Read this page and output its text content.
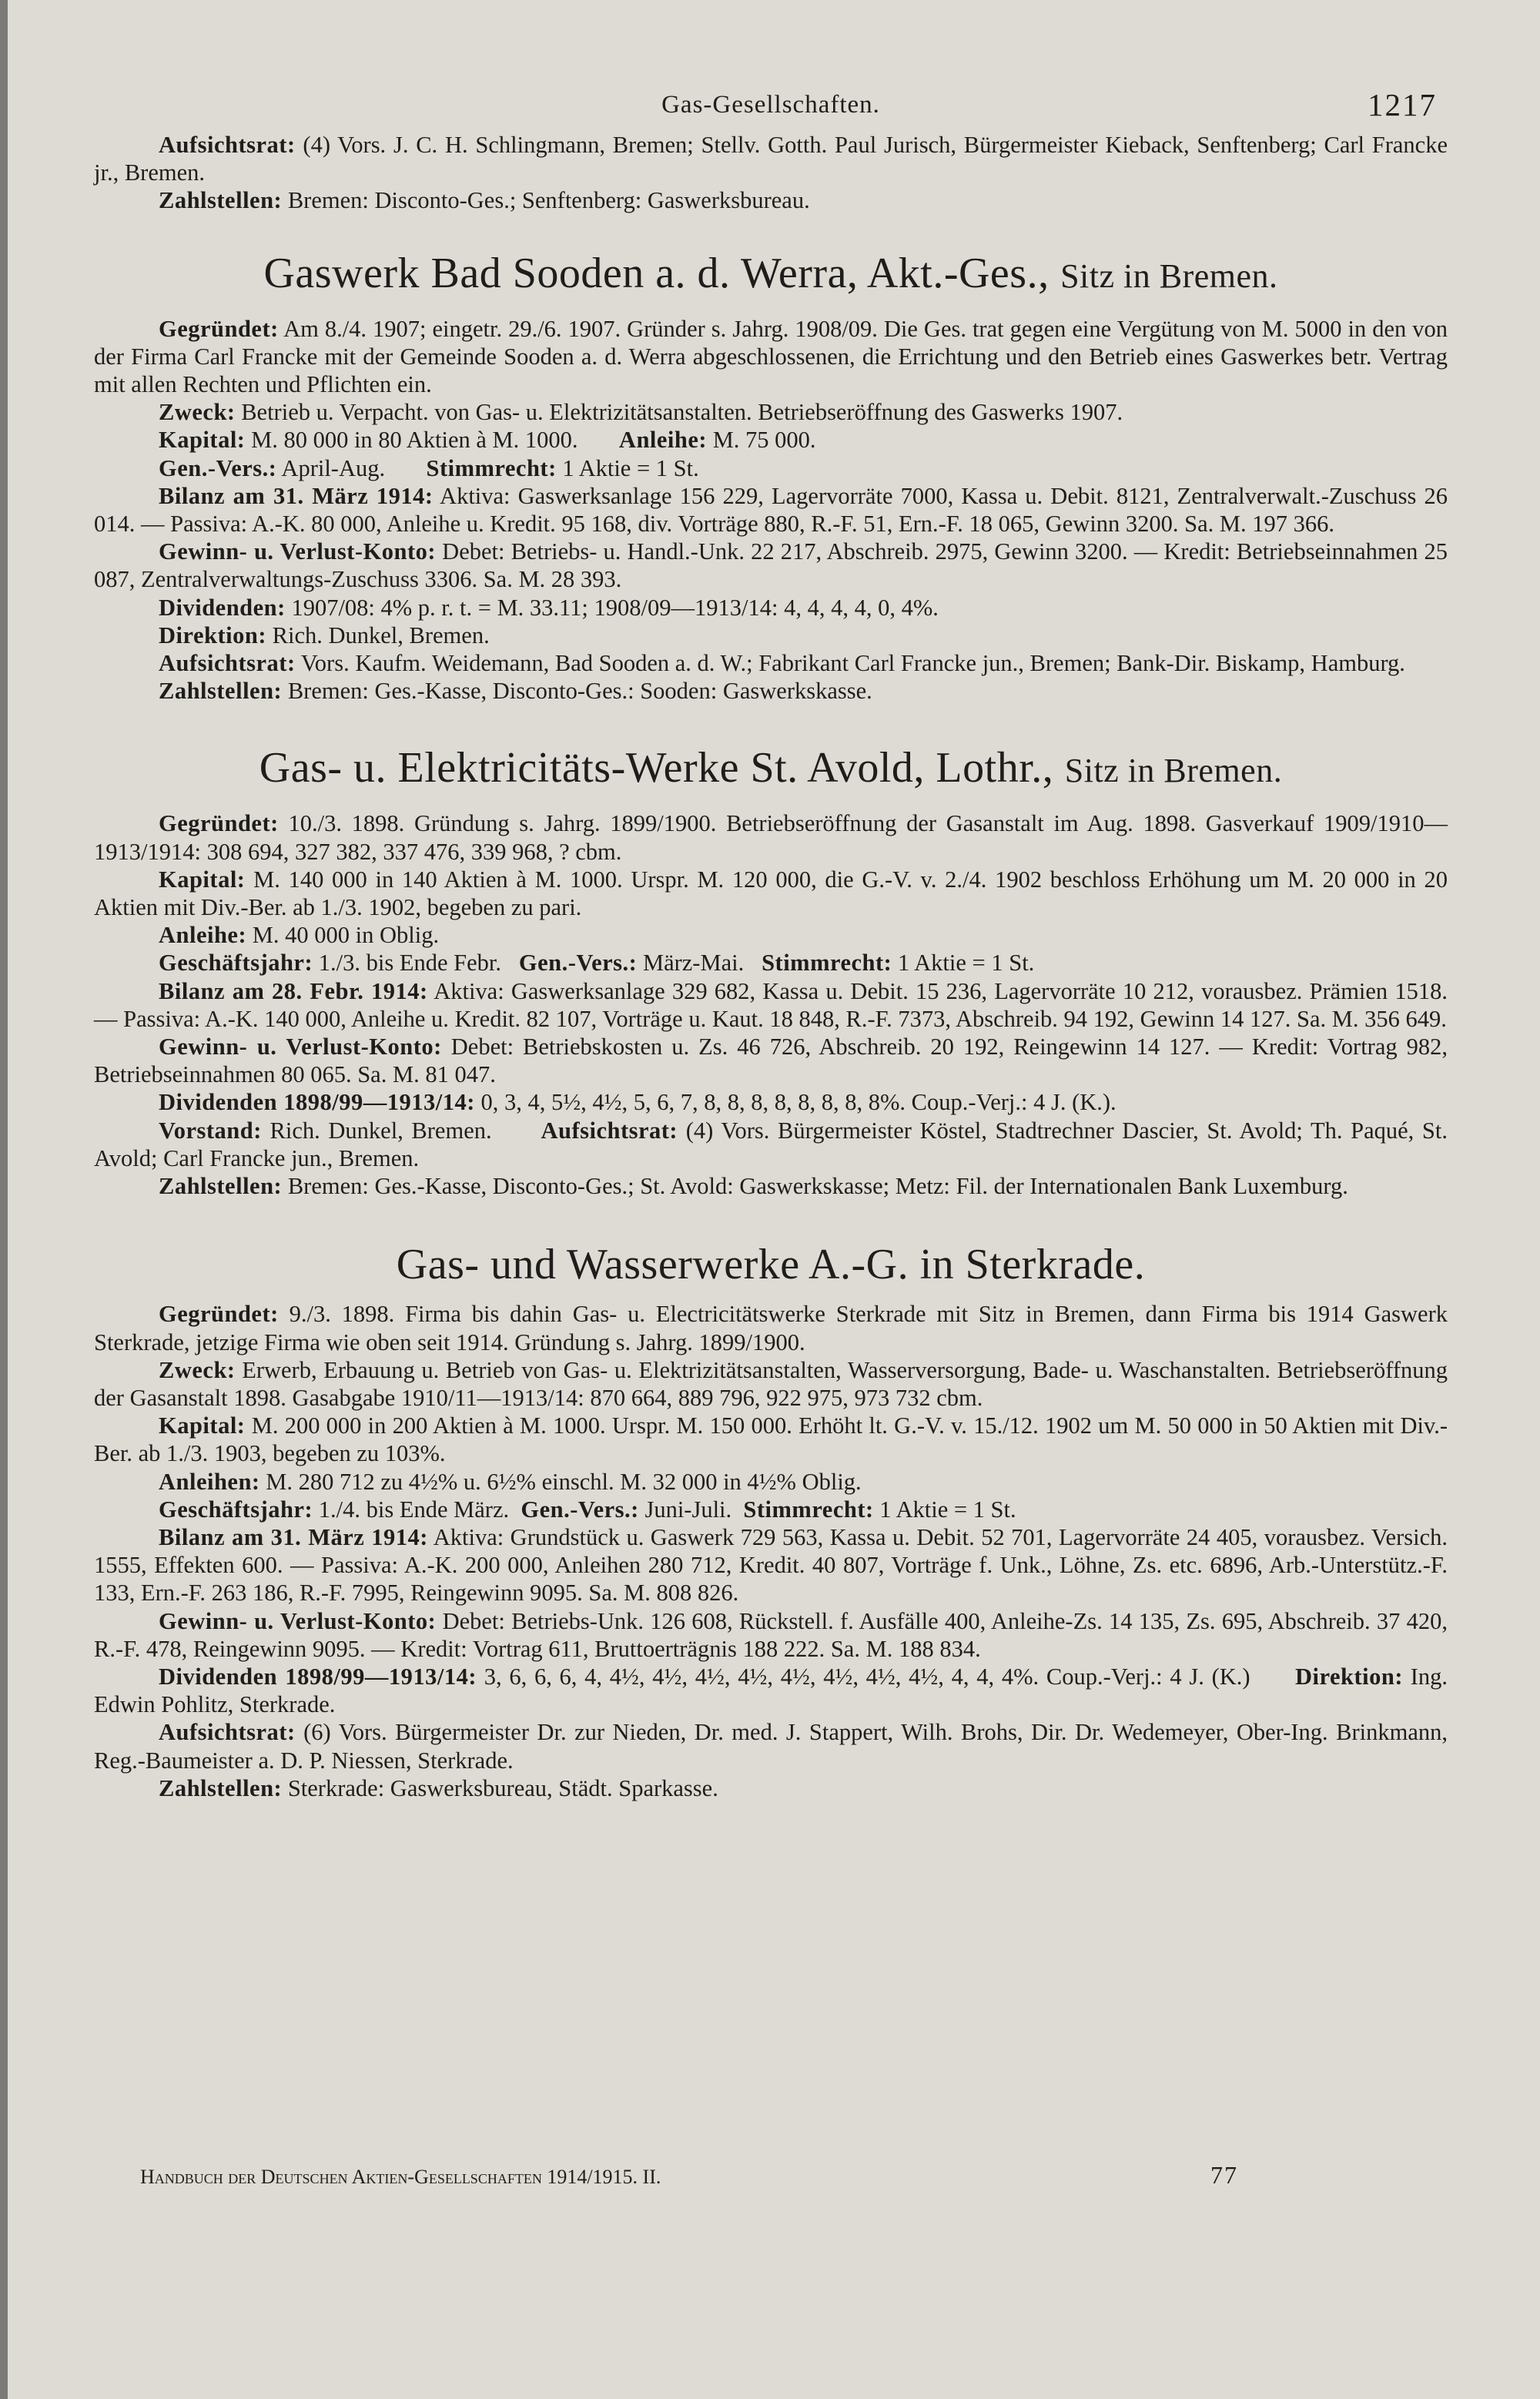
Gas-Gesellschaften.	1217

Aufsichtsrat: (4) Vors. J. C. H. Schlingmann, Bremen; Stellv. Gotth. Paul Jurisch, Bürgermeister Kieback, Senftenberg; Carl Francke jr., Bremen.

Zahlstellen: Bremen: Disconto-Ges.; Senftenberg: Gaswerksbureau.

Gaswerk Bad Sooden a. d. Werra, Akt.-Ges., Sitz in Bremen.

Gegründet: Am 8./4. 1907; eingetr. 29./6. 1907. Gründer s. Jahrg. 1908/09. Die Ges. trat gegen eine Vergütung von M. 5000 in den von der Firma Carl Francke mit der Gemeinde Sooden a. d. Werra abgeschlossenen, die Errichtung und den Betrieb eines Gaswerkes betr. Vertrag mit allen Rechten und Pflichten ein.

Zweck: Betrieb u. Verpacht. von Gas- u. Elektrizitätsanstalten. Betriebseröffnung des Gaswerks 1907.

Kapital: M. 80 000 in 80 Aktien à M. 1000. Anleihe: M. 75 000.

Gen.-Vers.: April-Aug. Stimmrecht: 1 Aktie = 1 St.

Bilanz am 31. März 1914: Aktiva: Gaswerksanlage 156 229, Lagervorräte 7000, Kassa u. Debit. 8121, Zentralverwalt.-Zuschuss 26 014. — Passiva: A.-K. 80 000, Anleihe u. Kredit. 95 168, div. Vorträge 880, R.-F. 51, Ern.-F. 18 065, Gewinn 3200. Sa. M. 197 366.

Gewinn- u. Verlust-Konto: Debet: Betriebs- u. Handl.-Unk. 22 217, Abschreib. 2975, Gewinn 3200. — Kredit: Betriebseinnahmen 25 087, Zentralverwaltungs-Zuschuss 3306. Sa. M. 28 393.

Dividenden: 1907/08: 4% p. r. t. = M. 33.11; 1908/09—1913/14: 4, 4, 4, 4, 0, 4%.

Direktion: Rich. Dunkel, Bremen.

Aufsichtsrat: Vors. Kaufm. Weidemann, Bad Sooden a. d. W.; Fabrikant Carl Francke jun., Bremen; Bank-Dir. Biskamp, Hamburg.

Zahlstellen: Bremen: Ges.-Kasse, Disconto-Ges.: Sooden: Gaswerkskasse.

Gas- u. Elektricitäts-Werke St. Avold, Lothr., Sitz in Bremen.

Gegründet: 10./3. 1898. Gründung s. Jahrg. 1899/1900. Betriebseröffnung der Gasanstalt im Aug. 1898. Gasverkauf 1909/1910—1913/1914: 308 694, 327 382, 337 476, 339 968, ? cbm.

Kapital: M. 140 000 in 140 Aktien à M. 1000. Urspr. M. 120 000, die G.-V. v. 2./4. 1902 beschloss Erhöhung um M. 20 000 in 20 Aktien mit Div.-Ber. ab 1./3. 1902, begeben zu pari.

Anleihe: M. 40 000 in Oblig.

Geschäftsjahr: 1./3. bis Ende Febr. Gen.-Vers.: März-Mai. Stimmrecht: 1 Aktie = 1 St.

Bilanz am 28. Febr. 1914: Aktiva: Gaswerksanlage 329 682, Kassa u. Debit. 15 236, Lagervorräte 10 212, vorausbez. Prämien 1518. — Passiva: A.-K. 140 000, Anleihe u. Kredit. 82 107, Vorträge u. Kaut. 18 848, R.-F. 7373, Abschreib. 94 192, Gewinn 14 127. Sa. M. 356 649.

Gewinn- u. Verlust-Konto: Debet: Betriebskosten u. Zs. 46 726, Abschreib. 20 192, Reingewinn 14 127. — Kredit: Vortrag 982, Betriebseinnahmen 80 065. Sa. M. 81 047.

Dividenden 1898/99—1913/14: 0, 3, 4, 5½, 4½, 5, 6, 7, 8, 8, 8, 8, 8, 8, 8, 8%. Coup.-Verj.: 4 J. (K.).

Vorstand: Rich. Dunkel, Bremen. Aufsichtsrat: (4) Vors. Bürgermeister Köstel, Stadtrechner Dascier, St. Avold; Th. Paqué, St. Avold; Carl Francke jun., Bremen.

Zahlstellen: Bremen: Ges.-Kasse, Disconto-Ges.; St. Avold: Gaswerkskasse; Metz: Fil. der Internationalen Bank Luxemburg.

Gas- und Wasserwerke A.-G. in Sterkrade.

Gegründet: 9./3. 1898. Firma bis dahin Gas- u. Electricitätswerke Sterkrade mit Sitz in Bremen, dann Firma bis 1914 Gaswerk Sterkrade, jetzige Firma wie oben seit 1914. Gründung s. Jahrg. 1899/1900.

Zweck: Erwerb, Erbauung u. Betrieb von Gas- u. Elektrizitätsanstalten, Wasserversorgung, Bade- u. Waschanstalten. Betriebseröffnung der Gasanstalt 1898. Gasabgabe 1910/11—1913/14: 870 664, 889 796, 922 975, 973 732 cbm.

Kapital: M. 200 000 in 200 Aktien à M. 1000. Urspr. M. 150 000. Erhöht lt. G.-V. v. 15./12. 1902 um M. 50 000 in 50 Aktien mit Div.-Ber. ab 1./3. 1903, begeben zu 103%.

Anleihen: M. 280 712 zu 4½% u. 6½% einschl. M. 32 000 in 4½% Oblig.

Geschäftsjahr: 1./4. bis Ende März. Gen.-Vers.: Juni-Juli. Stimmrecht: 1 Aktie = 1 St.

Bilanz am 31. März 1914: Aktiva: Grundstück u. Gaswerk 729 563, Kassa u. Debit. 52 701, Lagervorräte 24 405, vorausbez. Versich. 1555, Effekten 600. — Passiva: A.-K. 200 000, Anleihen 280 712, Kredit. 40 807, Vorträge f. Unk., Löhne, Zs. etc. 6896, Arb.-Unterstütz.-F. 133, Ern.-F. 263 186, R.-F. 7995, Reingewinn 9095. Sa. M. 808 826.

Gewinn- u. Verlust-Konto: Debet: Betriebs-Unk. 126 608, Rückstell. f. Ausfälle 400, Anleihe-Zs. 14 135, Zs. 695, Abschreib. 37 420, R.-F. 478, Reingewinn 9095. — Kredit: Vortrag 611, Bruttoerträgnis 188 222. Sa. M. 188 834.

Dividenden 1898/99—1913/14: 3, 6, 6, 6, 4, 4½, 4½, 4½, 4½, 4½, 4½, 4½, 4½, 4, 4, 4%. Coup.-Verj.: 4 J. (K.) Direktion: Ing. Edwin Pohlitz, Sterkrade.

Aufsichtsrat: (6) Vors. Bürgermeister Dr. zur Nieden, Dr. med. J. Stappert, Wilh. Brohs, Dir. Dr. Wedemeyer, Ober-Ing. Brinkmann, Reg.-Baumeister a. D. P. Niessen, Sterkrade.

Zahlstellen: Sterkrade: Gaswerksbureau, Städt. Sparkasse.

Handbuch der Deutschen Aktien-Gesellschaften 1914/1915. II.	77
